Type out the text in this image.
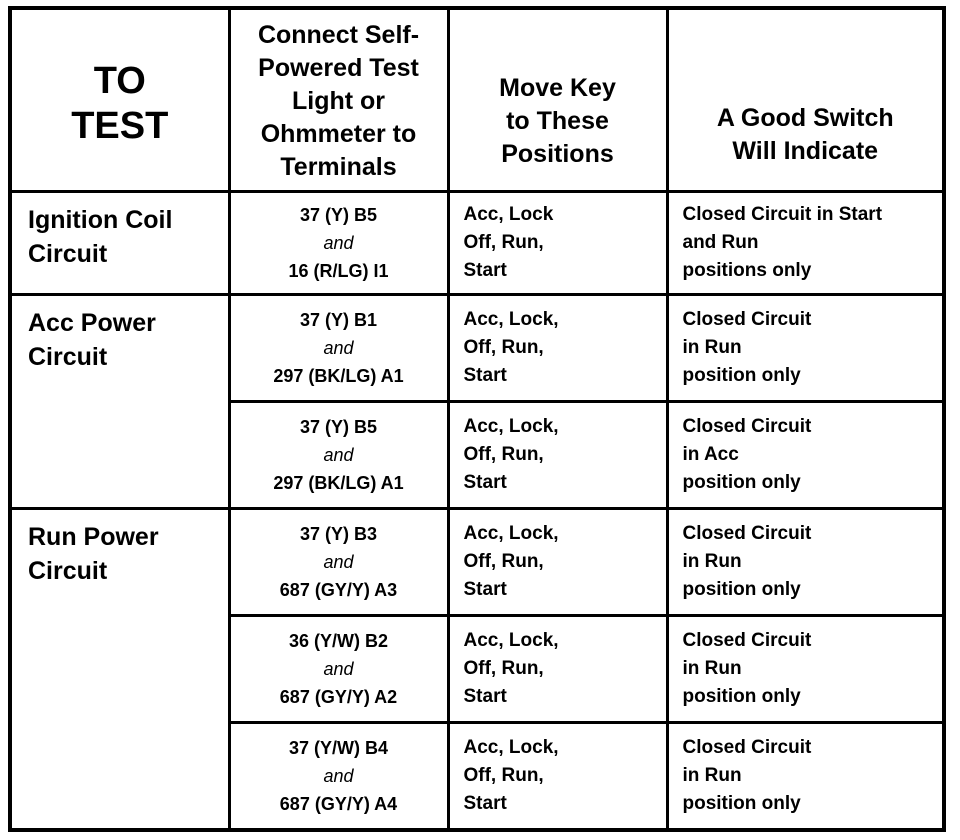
TO
TEST	Connect Self-
Powered Test
Light or
Ohmmeter to
Terminals	Move Key
to These
Positions	A Good Switch
Will Indicate

Ignition Coil
Circuit	37 (Y) B5
and
16 (R/LG) I1	Acc, Lock
Off, Run,
Start	Closed Circuit in Start
and Run
positions only

Acc Power
Circuit	37 (Y) B1
and
297 (BK/LG) A1	Acc, Lock,
Off, Run,
Start	Closed Circuit
in Run
position only

	37 (Y) B5
and
297 (BK/LG) A1	Acc, Lock,
Off, Run,
Start	Closed Circuit
in Acc
position only

Run Power
Circuit	37 (Y) B3
and
687 (GY/Y) A3	Acc, Lock,
Off, Run,
Start	Closed Circuit
in Run
position only

	36 (Y/W) B2
and
687 (GY/Y) A2	Acc, Lock,
Off, Run,
Start	Closed Circuit
in Run
position only

	37 (Y/W) B4
and
687 (GY/Y) A4	Acc, Lock,
Off, Run,
Start	Closed Circuit
in Run
position only
